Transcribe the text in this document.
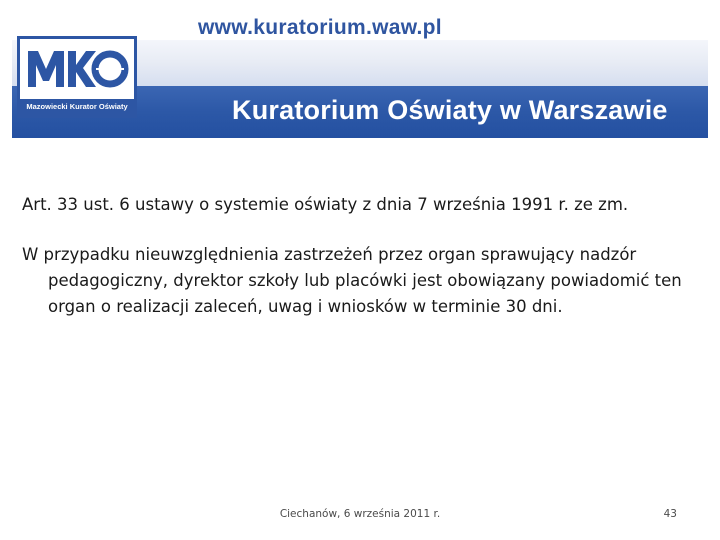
www.kuratorium.waw.pl
Kuratorium Oświaty w Warszawie
Mazowiecki Kurator Oświaty

Art. 33 ust. 6 ustawy o systemie oświaty z dnia 7 września 1991 r. ze zm.

W przypadku nieuwzględnienia zastrzeżeń przez organ sprawujący nadzór pedagogiczny, dyrektor szkoły lub placówki jest obowiązany powiadomić ten organ o realizacji zaleceń, uwag i wniosków w terminie 30 dni.

Ciechanów, 6 września 2011 r.	43
